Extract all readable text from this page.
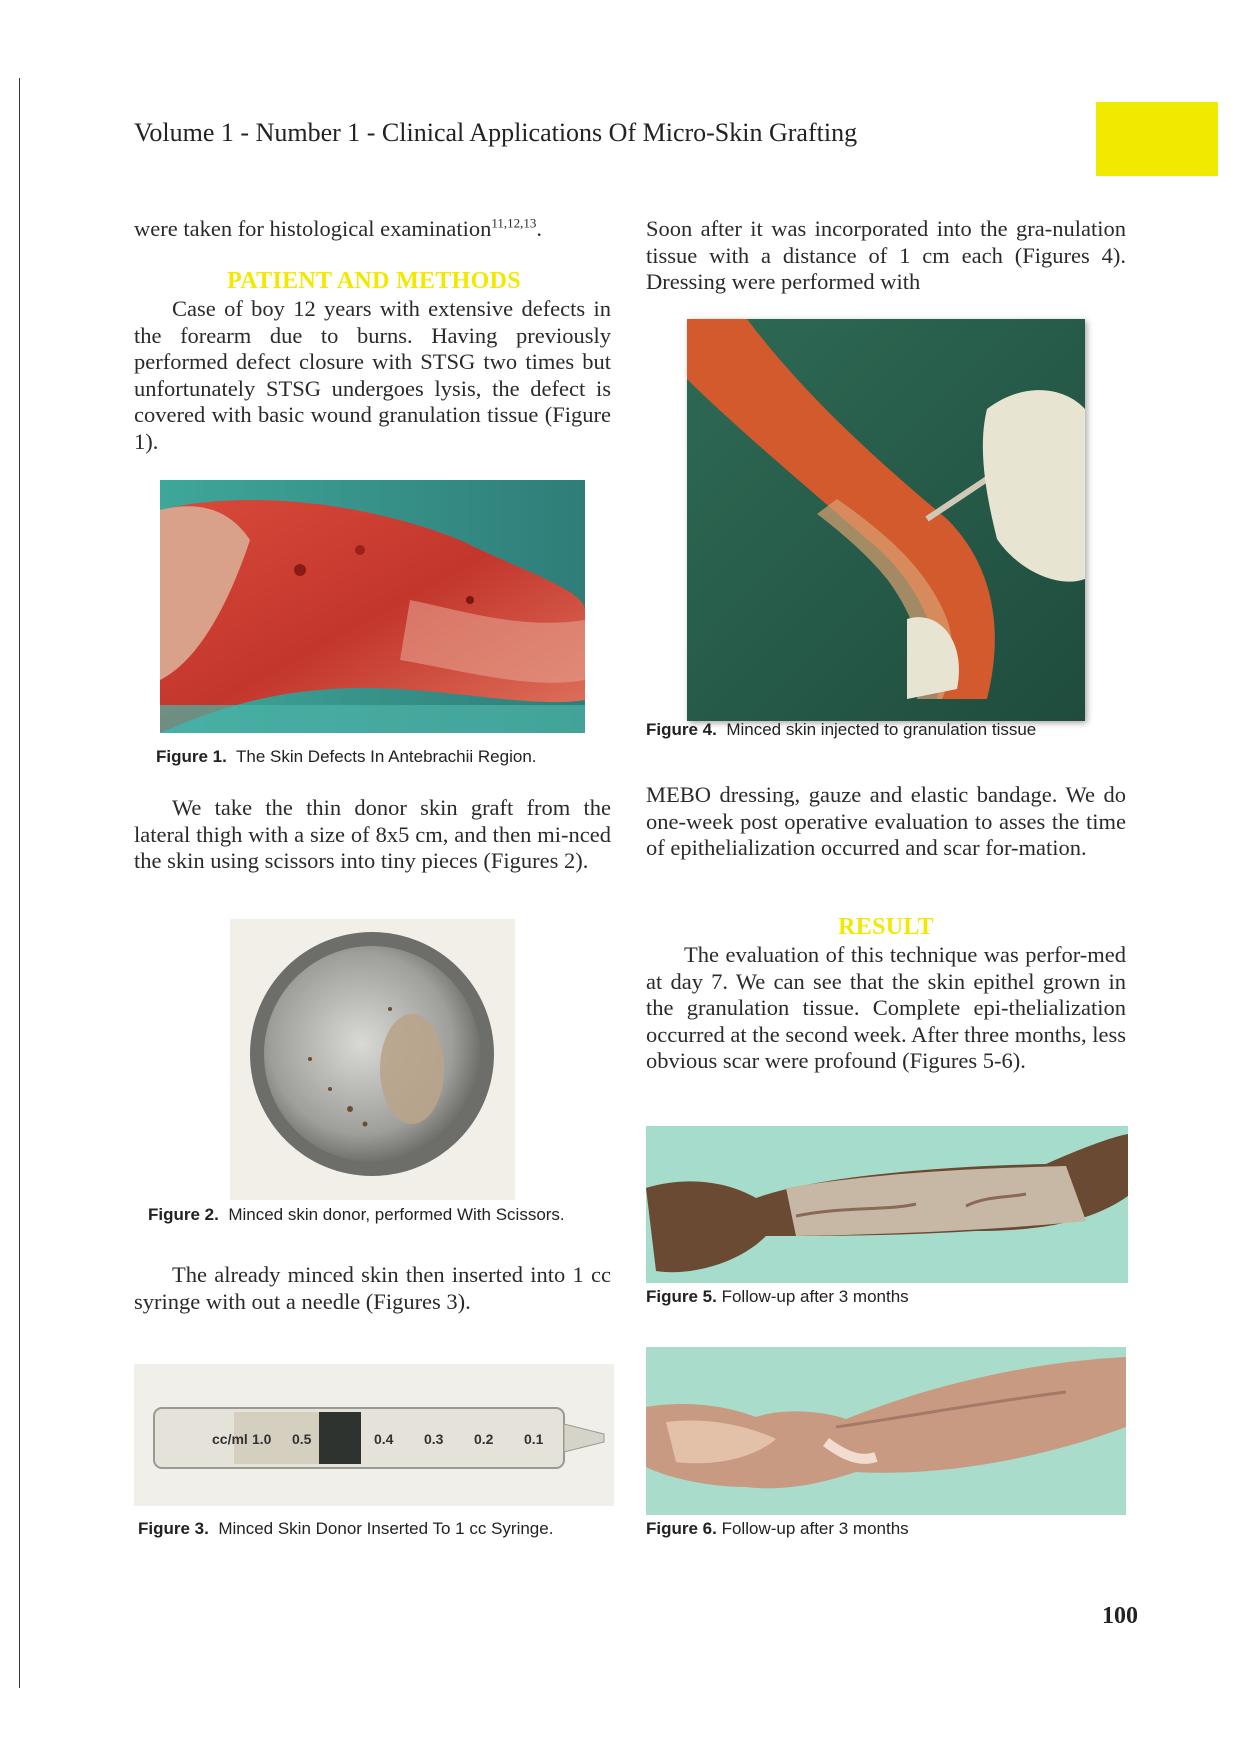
Volume 1 - Number 1 - Clinical Applications Of Micro-Skin Grafting
were taken for histological examination$^{11,12,13}$.
PATIENT AND METHODS

Case of boy 12 years with extensive defects in the forearm due to burns. Having previously performed defect closure with STSG two times but unfortunately STSG undergoes lysis, the defect is covered with basic wound granulation tissue (Figure 1).

Figure 1. The Skin Defects In Antebrachii Region.

We take the thin donor skin graft from the lateral thigh with a size of 8x5 cm, and then mi-nced the skin using scissors into tiny pieces (Figures 2).

Figure 2. Minced skin donor, performed With Scissors.

The already minced skin then inserted into 1 cc syringe with out a needle (Figures 3).

cc/ml 1.0 0.5	0.4 0.3 0.2 0.1
Figure 3. Minced Skin Donor Inserted To 1 cc Syringe.

Soon after it was incorporated into the gra-nulation tissue with a distance of 1 cm each (Figures 4). Dressing were performed with

Figure 4. Minced skin injected to granulation tissue

MEBO dressing, gauze and elastic bandage. We do one-week post operative evaluation to asses the time of epithelialization occurred and scar for-mation.

RESULT

The evaluation of this technique was perfor-med at day 7. We can see that the skin epithel grown in the granulation tissue. Complete epi-thelialization occurred at the second week. After three months, less obvious scar were profound (Figures 5-6).

Figure 5. Follow-up after 3 months
Figure 6. Follow-up after 3 months
100
